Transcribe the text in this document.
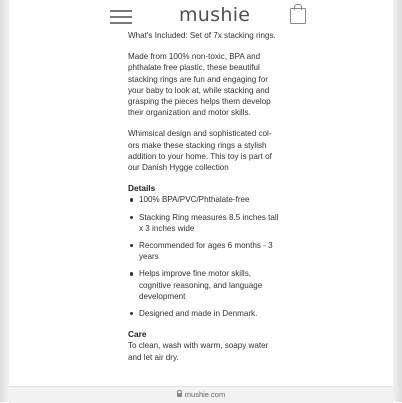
mushie

What's Included: Set of 7x stacking rings.

Made from 100% non-toxic, BPA and phthalate free plastic, these beautiful stacking rings are fun and engaging for your baby to look at, while stacking and grasping the pieces helps them develop their organization and motor skills.

Whimsical design and sophisticated colors make these stacking rings a stylish addition to your home. This toy is part of our Danish Hygge collection

Details

100% BPA/PVC/Phthalate-free
Stacking Ring measures 8.5 inches tall x 3 inches wide
Recommended for ages 6 months - 3 years
Helps improve fine motor skills, cognitive reasoning, and language development
Designed and made in Denmark.

Care

To clean, wash with warm, soapy water and let air dry.

mushie.com
